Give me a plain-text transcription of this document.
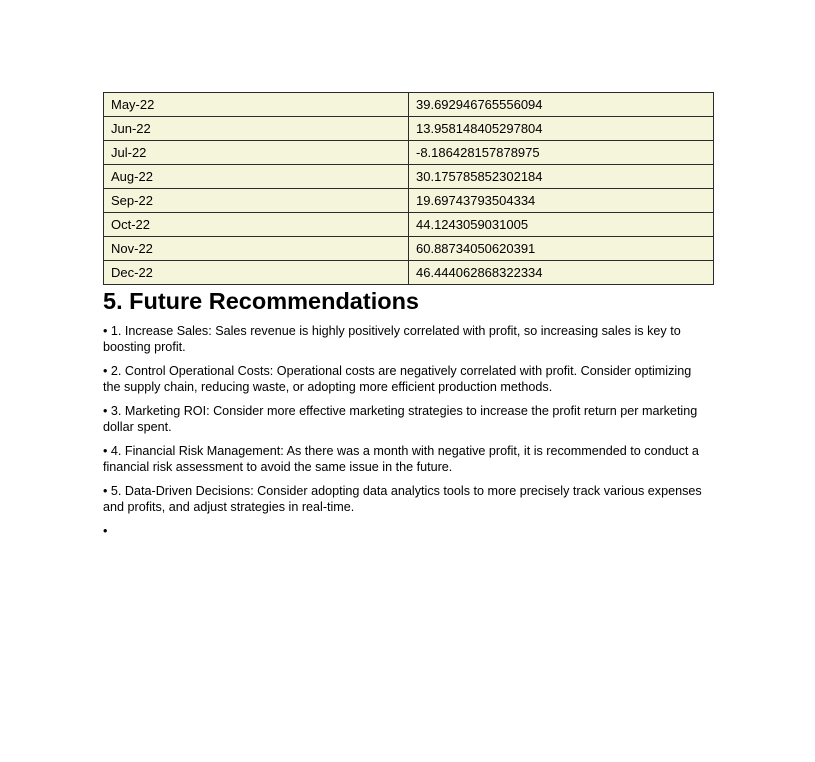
May-22	39.692946765556094
Jun-22	13.958148405297804
Jul-22	-8.186428157878975
Aug-22	30.175785852302184
Sep-22	19.69743793504334
Oct-22	44.1243059031005
Nov-22	60.88734050620391
Dec-22	46.444062868322334
5. Future Recommendations

• 1. Increase Sales: Sales revenue is highly positively correlated with profit, so increasing sales is key to boosting profit.

• 2. Control Operational Costs: Operational costs are negatively correlated with profit. Consider optimizing the supply chain, reducing waste, or adopting more efficient production methods.

• 3. Marketing ROI: Consider more effective marketing strategies to increase the profit return per marketing dollar spent.

• 4. Financial Risk Management: As there was a month with negative profit, it is recommended to conduct a financial risk assessment to avoid the same issue in the future.

• 5. Data-Driven Decisions: Consider adopting data analytics tools to more precisely track various expenses and profits, and adjust strategies in real-time.

•
